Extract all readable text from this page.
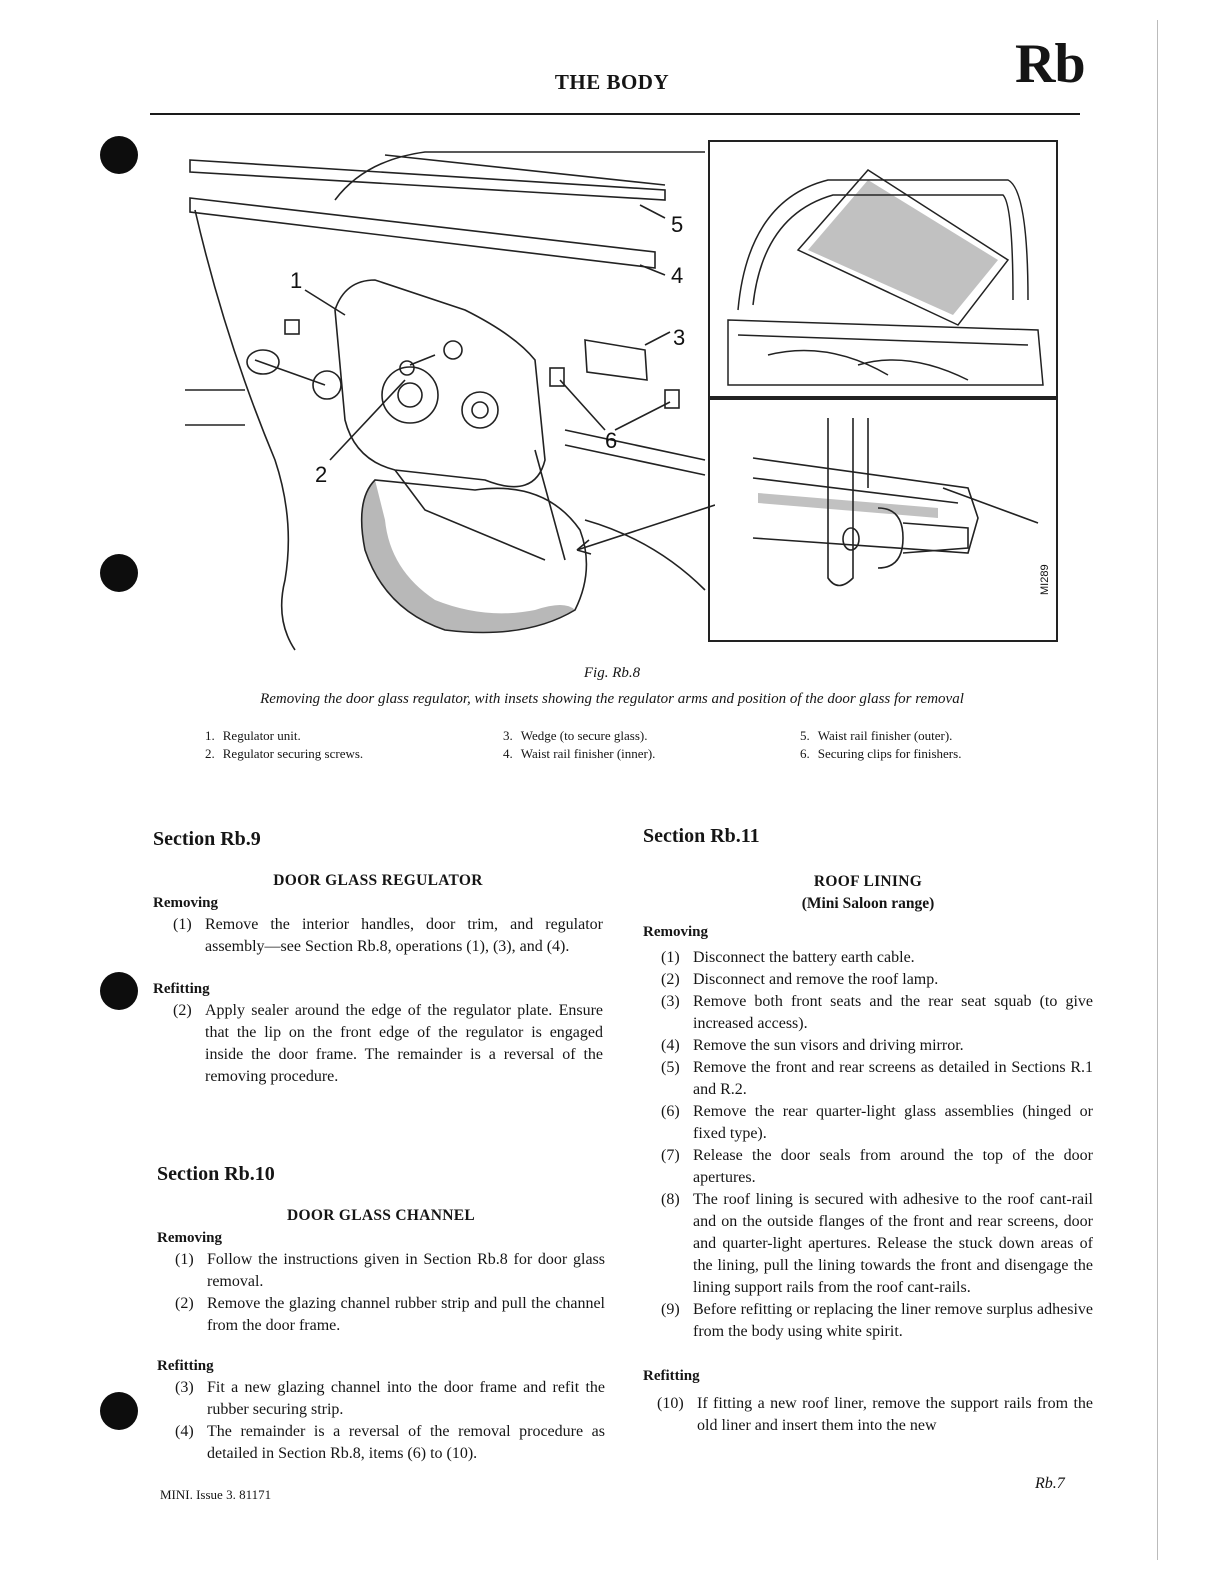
THE BODY	Rb
1
2
3
4
5
6
MI289
Fig. Rb.8
Removing the door glass regulator, with insets showing the regulator arms and position of the door glass for removal
1. Regulator unit.
2. Regulator securing screws.
3. Wedge (to secure glass).
4. Waist rail finisher (inner).
5. Waist rail finisher (outer).
6. Securing clips for finishers.
Section Rb.9

DOOR GLASS REGULATOR

Removing

(1) Remove the interior handles, door trim, and regulator assembly—see Section Rb.8, operations (1), (3), and (4).

Refitting

(2) Apply sealer around the edge of the regulator plate. Ensure that the lip on the front edge of the regulator is engaged inside the door frame. The remainder is a reversal of the removing procedure.
Section Rb.10

DOOR GLASS CHANNEL

Removing

(1) Follow the instructions given in Section Rb.8 for door glass removal.
(2) Remove the glazing channel rubber strip and pull the channel from the door frame.

Refitting

(3) Fit a new glazing channel into the door frame and refit the rubber securing strip.
(4) The remainder is a reversal of the removal procedure as detailed in Section Rb.8, items (6) to (10).
Section Rb.11

ROOF LINING

(Mini Saloon range)

Removing

(1) Disconnect the battery earth cable.
(2) Disconnect and remove the roof lamp.
(3) Remove both front seats and the rear seat squab (to give increased access).
(4) Remove the sun visors and driving mirror.
(5) Remove the front and rear screens as detailed in Sections R.1 and R.2.
(6) Remove the rear quarter-light glass assemblies (hinged or fixed type).
(7) Release the door seals from around the top of the door apertures.
(8) The roof lining is secured with adhesive to the roof cant-rail and on the outside flanges of the front and rear screens, door and quarter-light apertures. Release the stuck down areas of the lining, pull the lining towards the front and disengage the lining support rails from the roof cant-rails.
(9) Before refitting or replacing the liner remove surplus adhesive from the body using white spirit.

Refitting

(10) If fitting a new roof liner, remove the support rails from the old liner and insert them into the new
MINI. Issue 3. 81171
Rb.7
